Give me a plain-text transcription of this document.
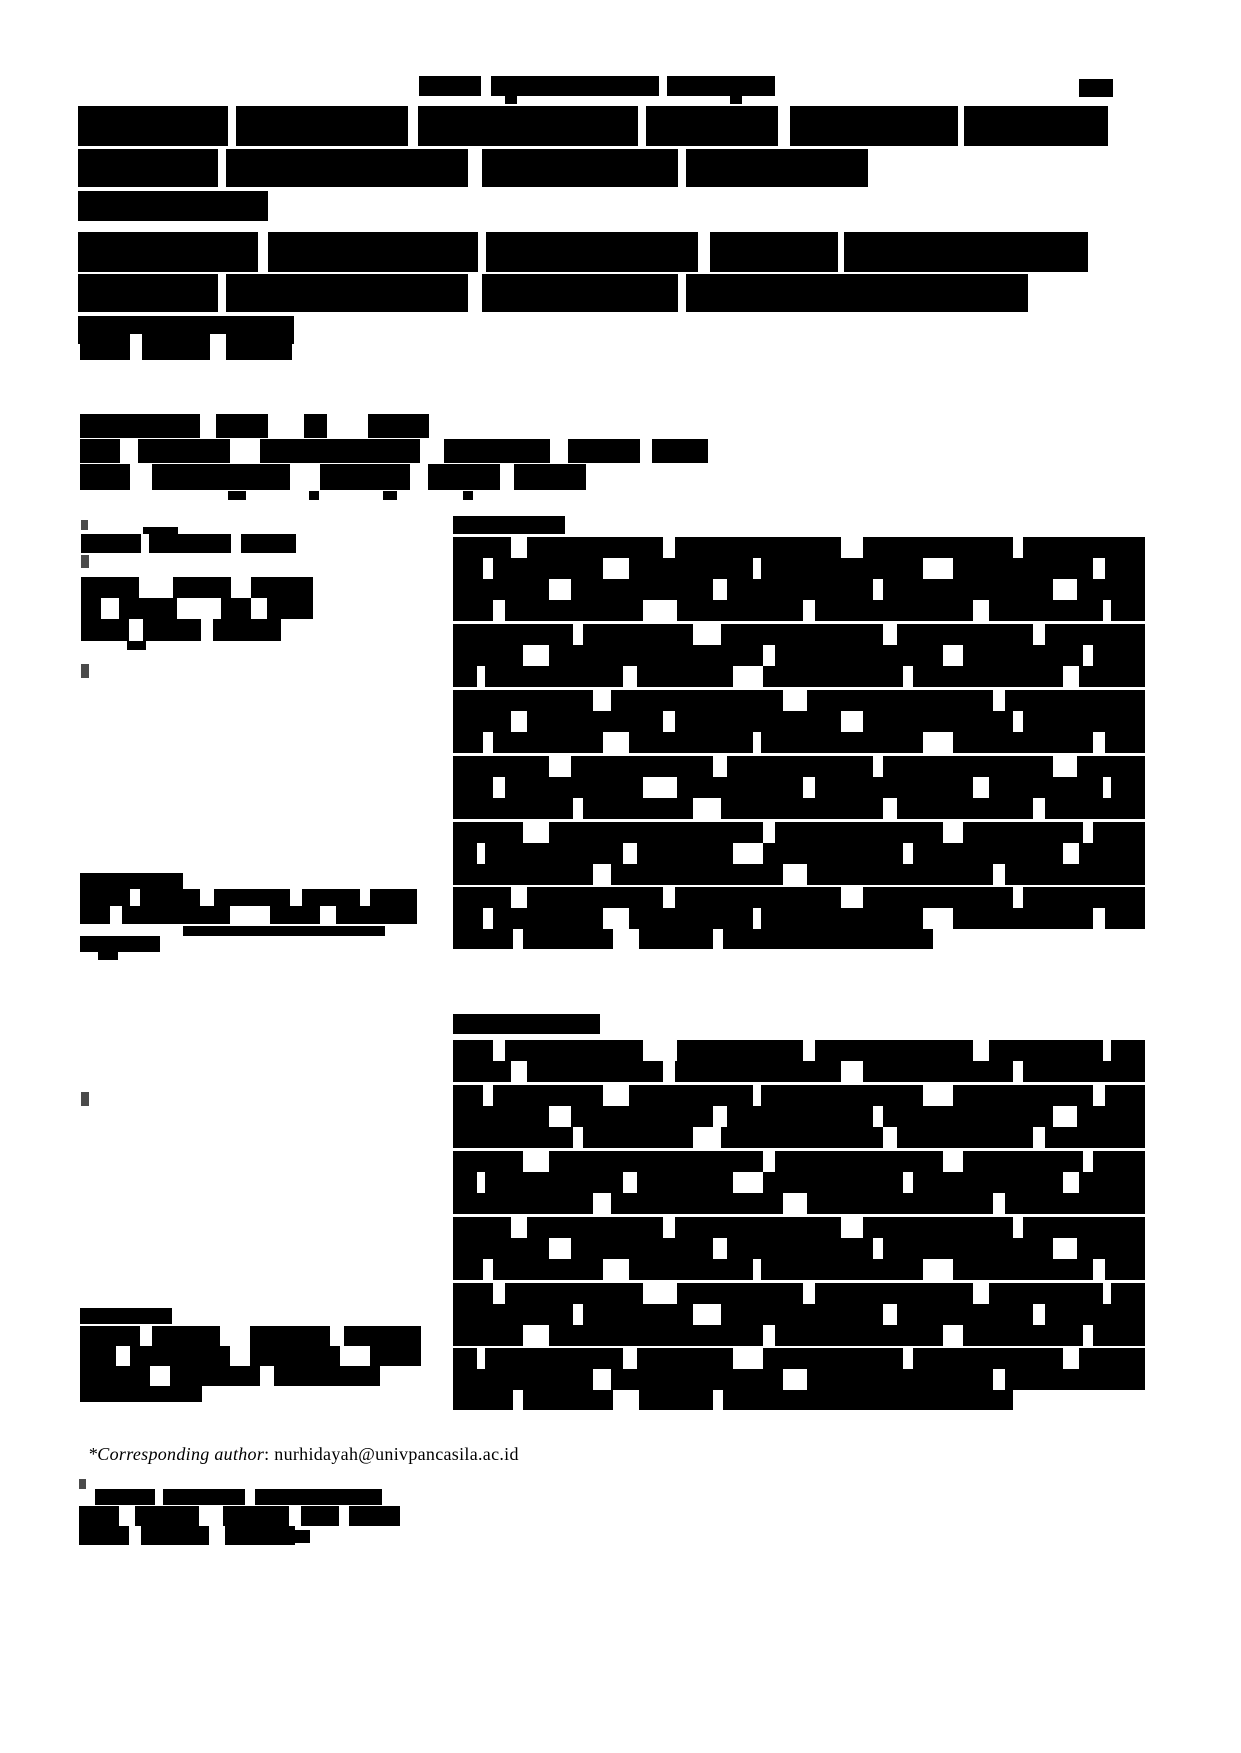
*Corresponding author: nurhidayah@univpancasila.ac.id
